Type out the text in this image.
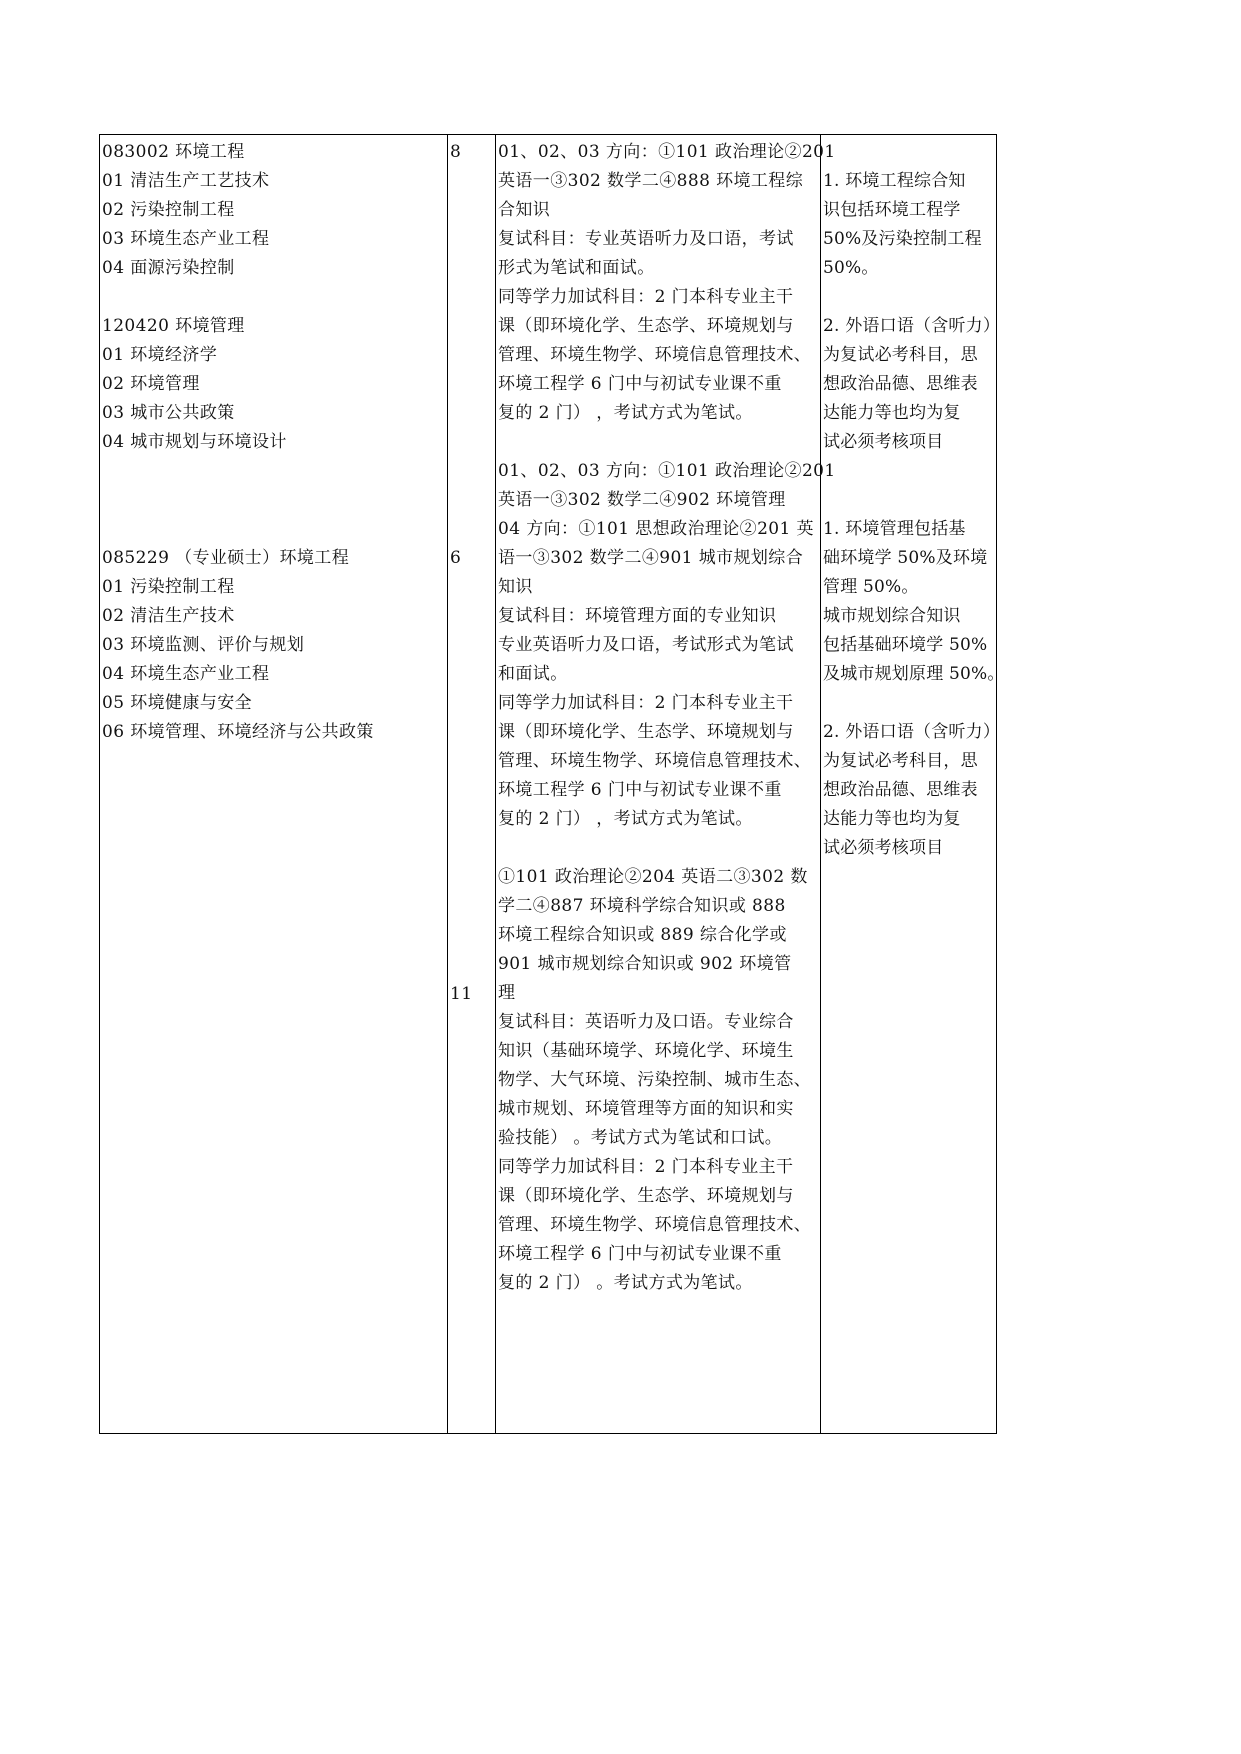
083002 环境工程
01 清洁生产工艺技术
02 污染控制工程
03 环境生态产业工程
04 面源污染控制
120420 环境管理
01 环境经济学
02 环境管理
03 城市公共政策
04 城市规划与环境设计
085229 （专业硕士）环境工程
01 污染控制工程
02 清洁生产技术
03 环境监测、评价与规划
04 环境生态产业工程
05 环境健康与安全
06 环境管理、环境经济与公共政策
8
6
11
01、02、03 方向：①101 政治理论②201
英语一③302 数学二④888 环境工程综
合知识
复试科目：专业英语听力及口语，考试
形式为笔试和面试。
同等学力加试科目：2 门本科专业主干
课（即环境化学、生态学、环境规划与
管理、环境生物学、环境信息管理技术、
环境工程学 6 门中与初试专业课不重
复的 2 门） ，考试方式为笔试。
01、02、03 方向：①101 政治理论②201
英语一③302 数学二④902 环境管理
04 方向：①101 思想政治理论②201 英
语一③302 数学二④901 城市规划综合
知识
复试科目：环境管理方面的专业知识
专业英语听力及口语，考试形式为笔试
和面试。
同等学力加试科目：2 门本科专业主干
课（即环境化学、生态学、环境规划与
管理、环境生物学、环境信息管理技术、
环境工程学 6 门中与初试专业课不重
复的 2 门） ，考试方式为笔试。
①101 政治理论②204 英语二③302 数
学二④887 环境科学综合知识或 888
环境工程综合知识或 889 综合化学或
901 城市规划综合知识或 902 环境管
理
复试科目：英语听力及口语。专业综合
知识（基础环境学、环境化学、环境生
物学、大气环境、污染控制、城市生态、
城市规划、环境管理等方面的知识和实
验技能） 。考试方式为笔试和口试。
同等学力加试科目：2 门本科专业主干
课（即环境化学、生态学、环境规划与
管理、环境生物学、环境信息管理技术、
环境工程学 6 门中与初试专业课不重
复的 2 门） 。考试方式为笔试。
1. 环境工程综合知
识包括环境工程学
50%及污染控制工程
50%。
2. 外语口语（含听力）
为复试必考科目，思
想政治品德、思维表
达能力等也均为复
试必须考核项目
1. 环境管理包括基
础环境学 50%及环境
管理 50%。
城市规划综合知识
包括基础环境学 50%
及城市规划原理 50%。
2. 外语口语（含听力）
为复试必考科目，思
想政治品德、思维表
达能力等也均为复
试必须考核项目
